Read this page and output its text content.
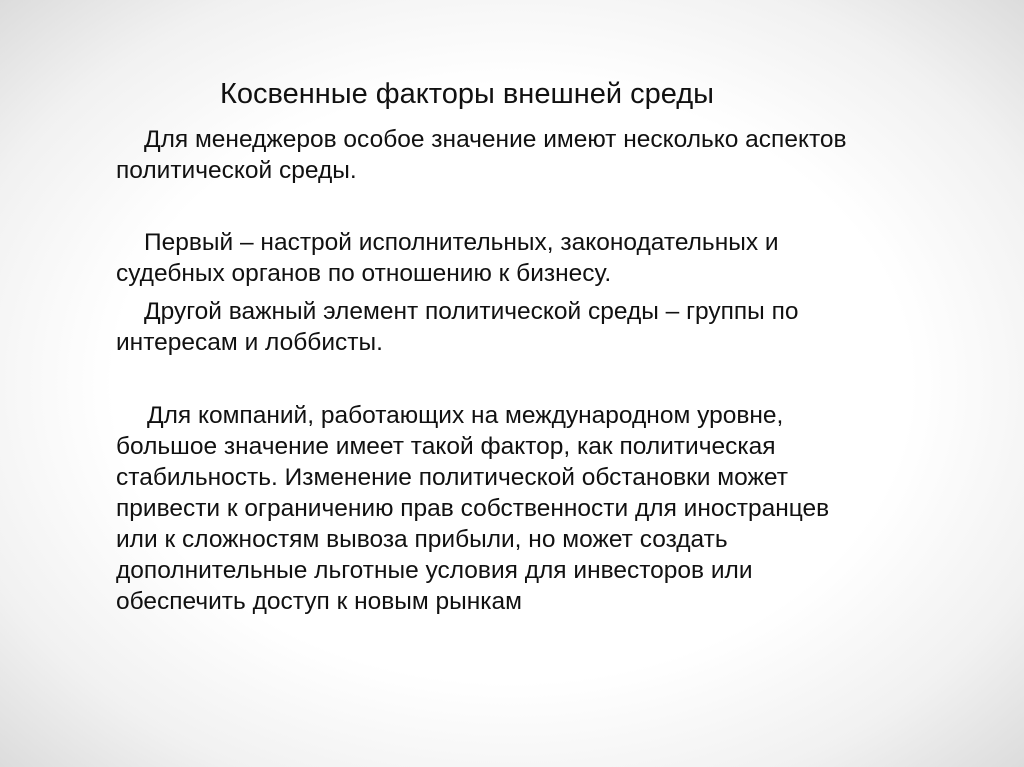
Косвенные факторы внешней среды
Для менеджеров особое значение имеют несколько аспектов
политической среды.
Первый – настрой исполнительных, законодательных и
судебных органов по отношению к бизнесу.
Другой важный элемент политической среды – группы по
интересам и лоббисты.
Для компаний, работающих на международном уровне,
большое значение имеет такой фактор, как политическая
стабильность. Изменение политической обстановки может
привести к ограничению прав собственности для иностранцев
или к сложностям вывоза прибыли, но может создать
дополнительные льготные условия для инвесторов или
обеспечить доступ к новым рынкам
